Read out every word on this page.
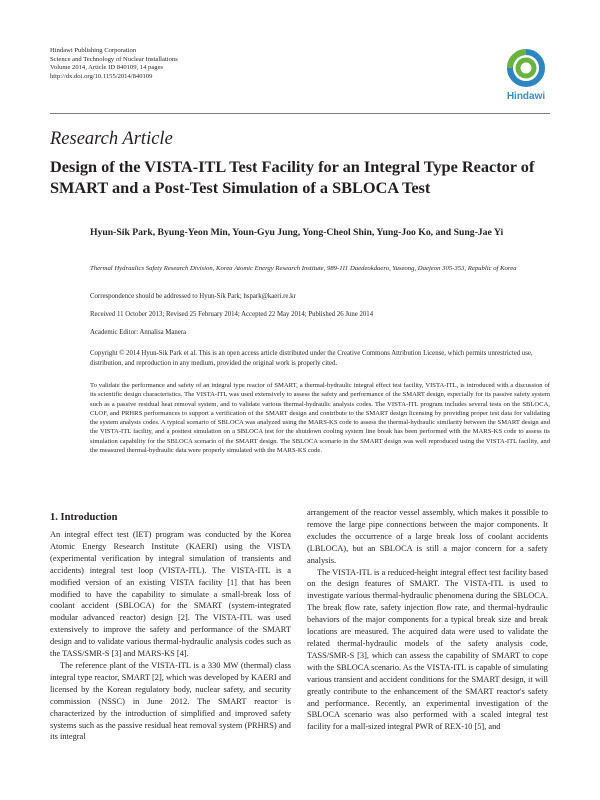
Hindawi Publishing Corporation
Science and Technology of Nuclear Installations
Volume 2014, Article ID 840109, 14 pages
http://dx.doi.org/10.1155/2014/840109
Hindawi
Research Article
Design of the VISTA-ITL Test Facility for an Integral Type Reactor of SMART and a Post-Test Simulation of a SBLOCA Test
Hyun-Sik Park, Byung-Yeon Min, Youn-Gyu Jung, Yong-Cheol Shin, Yung-Joo Ko, and Sung-Jae Yi
Thermal Hydraulics Safety Research Division, Korea Atomic Energy Research Institute, 989-111 Daedeokdaero, Yuseong, Daejeon 305-353, Republic of Korea
Correspondence should be addressed to Hyun-Sik Park; hspark@kaeri.re.kr
Received 11 October 2013; Revised 25 February 2014; Accepted 22 May 2014; Published 26 June 2014
Academic Editor: Annalisa Manera
Copyright © 2014 Hyun-Sik Park et al. This is an open access article distributed under the Creative Commons Attribution License, which permits unrestricted use, distribution, and reproduction in any medium, provided the original work is properly cited.
To validate the performance and safety of an integral type reactor of SMART, a thermal-hydraulic integral effect test facility, VISTA-ITL, is introduced with a discussion of its scientific design characteristics. The VISTA-ITL was used extensively to assess the safety and performance of the SMART design, especially for its passive safety system such as a passive residual heat removal system, and to validate various thermal-hydraulic analysis codes. The VISTA-ITL program includes several tests on the SBLOCA, CLOF, and PRHRS performances to support a verification of the SMART design and contribute to the SMART design licensing by providing proper test data for validating the system analysis codes. A typical scenario of SBLOCA was analyzed using the MARS-KS code to assess the thermal-hydraulic similarity between the SMART design and the VISTA-ITL facility, and a posttest simulation on a SBLOCA test for the shutdown cooling system line break has been performed with the MARS-KS code to assess its simulation capability for the SBLOCA scenario of the SMART design. The SBLOCA scenario in the SMART design was well reproduced using the VISTA-ITL facility, and the measured thermal-hydraulic data were properly simulated with the MARS-KS code.
1. Introduction

An integral effect test (IET) program was conducted by the Korea Atomic Energy Research Institute (KAERI) using the VISTA (experimental verification by integral simulation of transients and accidents) integral test loop (VISTA-ITL). The VISTA-ITL is a modified version of an existing VISTA facility [1] that has been modified to have the capability to simulate a small-break loss of coolant accident (SBLOCA) for the SMART (system-integrated modular advanced reactor) design [2]. The VISTA-ITL was used extensively to improve the safety and performance of the SMART design and to validate various thermal-hydraulic analysis codes such as the TASS/SMR-S [3] and MARS-KS [4].

The reference plant of the VISTA-ITL is a 330 MW (thermal) class integral type reactor, SMART [2], which was developed by KAERI and licensed by the Korean regulatory body, nuclear safety, and security commission (NSSC) in June 2012. The SMART reactor is characterized by the introduction of simplified and improved safety systems such as the passive residual heat removal system (PRHRS) and its integral

arrangement of the reactor vessel assembly, which makes it possible to remove the large pipe connections between the major components. It excludes the occurrence of a large break loss of coolant accidents (LBLOCA), but an SBLOCA is still a major concern for a safety analysis.

The VISTA-ITL is a reduced-height integral effect test facility based on the design features of SMART. The VISTA-ITL is used to investigate various thermal-hydraulic phenomena during the SBLOCA. The break flow rate, safety injection flow rate, and thermal-hydraulic behaviors of the major components for a typical break size and break locations are measured. The acquired data were used to validate the related thermal-hydraulic models of the safety analysis code, TASS/SMR-S [3], which can assess the capability of SMART to cope with the SBLOCA scenario. As the VISTA-ITL is capable of simulating various transient and accident conditions for the SMART design, it will greatly contribute to the enhancement of the SMART reactor's safety and performance. Recently, an experimental investigation of the SBLOCA scenario was also performed with a scaled integral test facility for a mall-sized integral PWR of REX-10 [5], and
